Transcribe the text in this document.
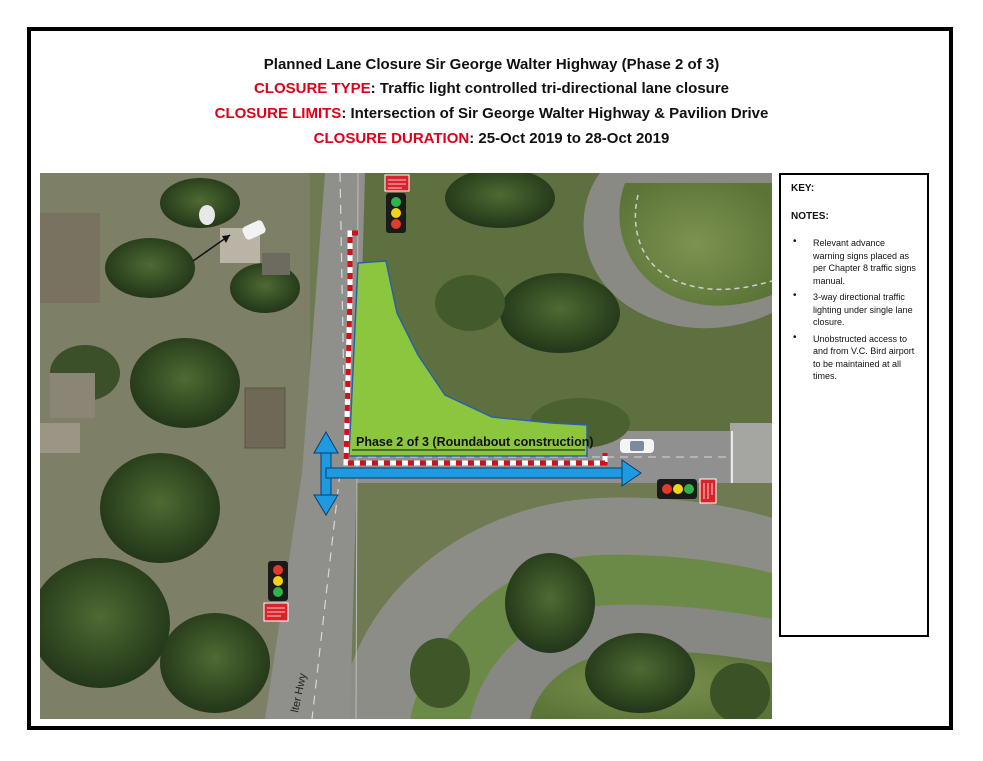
Planned Lane Closure Sir George Walter Highway (Phase 2 of 3)
CLOSURE TYPE: Traffic light controlled tri-directional lane closure
CLOSURE LIMITS: Intersection of Sir George Walter Highway & Pavilion Drive
CLOSURE DURATION: 25-Oct 2019 to 28-Oct 2019
lter Hwy
Phase 2 of 3 (Roundabout construction)
KEY:
NOTES:
• Relevant advance warning signs placed as per Chapter 8 traffic signs manual.
• 3-way directional traffic lighting under single lane closure.
• Unobstructed access to and from V.C. Bird airport to be maintained at all times.
